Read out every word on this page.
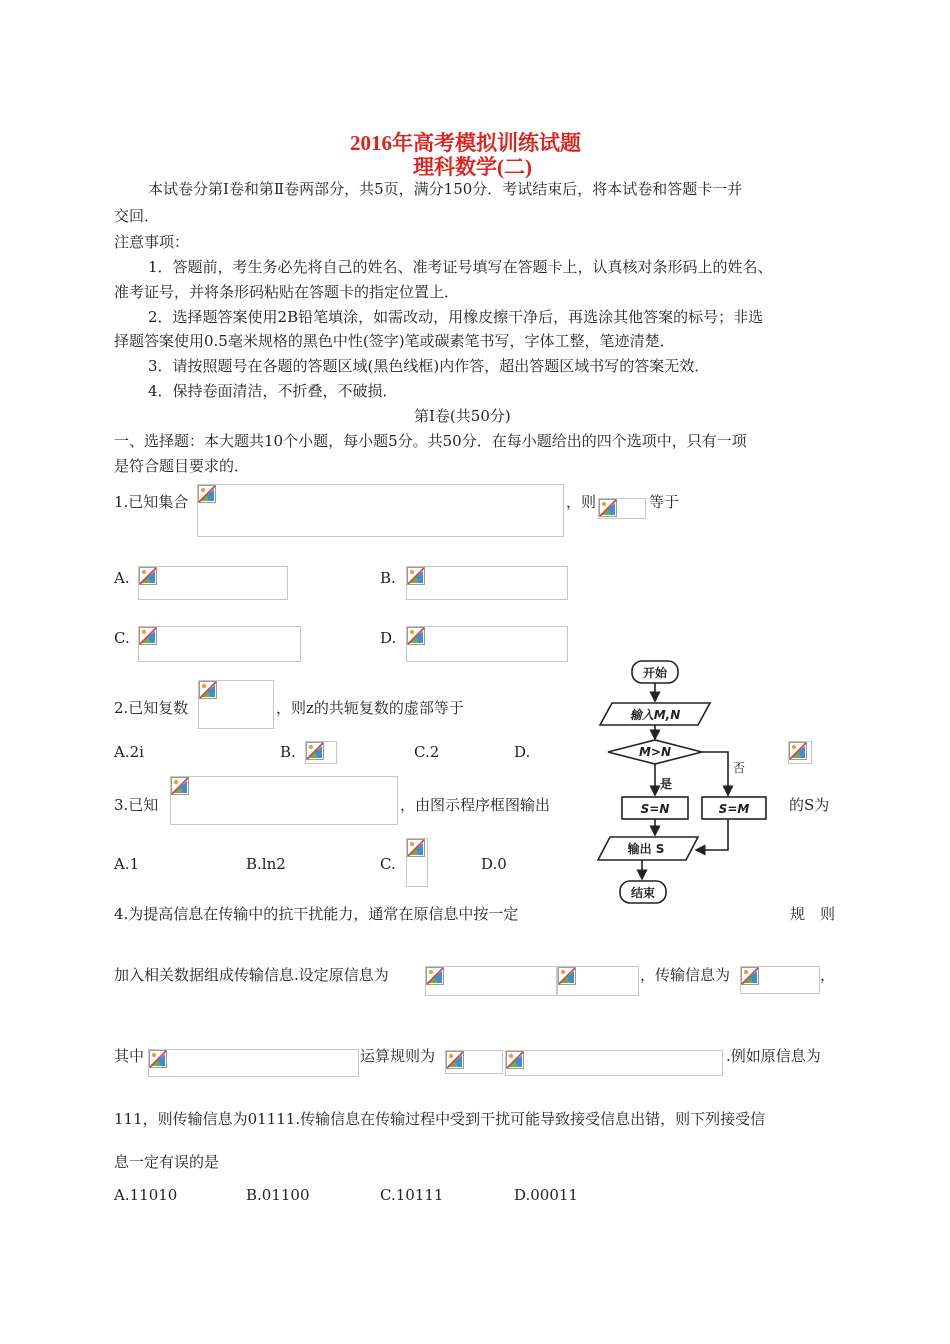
2016年高考模拟训练试题
理科数学(二)
本试卷分第Ⅰ卷和第Ⅱ卷两部分，共5页，满分150分．考试结束后，将本试卷和答题卡一并
交回．
注意事项：
1．答题前，考生务必先将自己的姓名、准考证号填写在答题卡上，认真核对条形码上的姓名、
准考证号，并将条形码粘贴在答题卡的指定位置上．
2．选择题答案使用2B铅笔填涂，如需改动，用橡皮擦干净后，再选涂其他答案的标号；非选
择题答案使用0.5毫米规格的黑色中性(签字)笔或碳素笔书写，字体工整，笔迹清楚．
3．请按照题号在各题的答题区域(黑色线框)内作答，超出答题区域书写的答案无效．
4．保持卷面清洁，不折叠，不破损．
第Ⅰ卷(共50分)
一、选择题：本大题共10个小题，每小题5分。共50分．在每小题给出的四个选项中，只有一项
是符合题目要求的．
1.已知集合	，则	等于
A.	B.
C.	D.
2.已知复数	，则z的共轭复数的虚部等于
A.2i	B.	C.2	D.
3.已知	，由图示程序框图输出	的S为
A.1	B.ln2	C.	D.0
开始
输入M,N
M>N
是
否
S=N	S=M
输出 S
结束
4.为提高信息在传输中的抗干扰能力，通常在原信息中按一定	规　则
加入相关数据组成传输信息.设定原信息为	，传输信息为	，
其中	运算规则为	.例如原信息为
111，则传输信息为01111.传输信息在传输过程中受到干扰可能导致接受信息出错，则下列接受信
息一定有误的是
A.11010	B.01100	C.10111	D.00011
